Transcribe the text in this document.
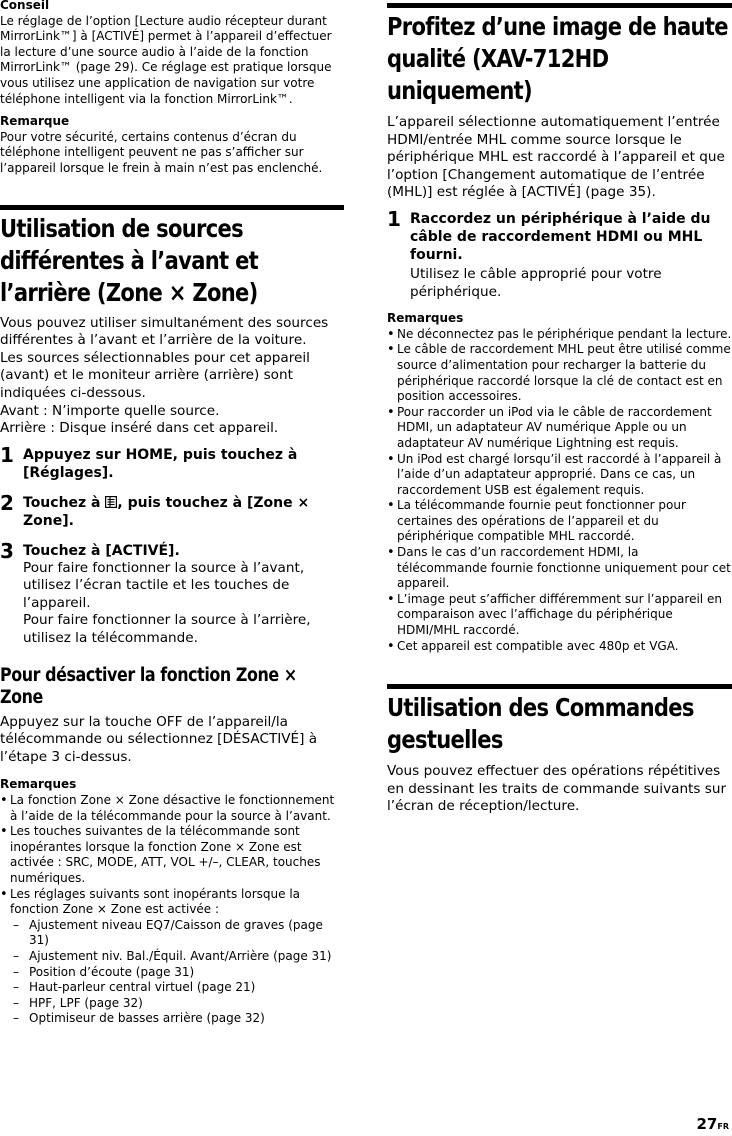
Conseil

Le réglage de l’option [Lecture audio récepteur durant MirrorLink™] à [ACTIVÉ] permet à l’appareil d’effectuer la lecture d’une source audio à l’aide de la fonction MirrorLink™ (page 29). Ce réglage est pratique lorsque vous utilisez une application de navigation sur votre téléphone intelligent via la fonction MirrorLink™.

Remarque

Pour votre sécurité, certains contenus d’écran du téléphone intelligent peuvent ne pas s’afficher sur l’appareil lorsque le frein à main n’est pas enclenché.

Utilisation de sources différentes à l’avant et l’arrière (Zone × Zone)

Vous pouvez utiliser simultanément des sources différentes à l’avant et l’arrière de la voiture.

Les sources sélectionnables pour cet appareil (avant) et le moniteur arrière (arrière) sont indiquées ci-dessous.

Avant : N’importe quelle source.

Arrière : Disque inséré dans cet appareil.

1 Appuyez sur HOME, puis touchez à [Réglages].

2 Touchez à , puis touchez à [Zone × Zone].

3 Touchez à [ACTIVÉ].

Pour faire fonctionner la source à l’avant, utilisez l’écran tactile et les touches de l’appareil.

Pour faire fonctionner la source à l’arrière, utilisez la télécommande.

Pour désactiver la fonction Zone × Zone

Appuyez sur la touche OFF de l’appareil/la télécommande ou sélectionnez [DÉSACTIVÉ] à l’étape 3 ci-dessus.

Remarques

• La fonction Zone × Zone désactive le fonctionnement à l’aide de la télécommande pour la source à l’avant.
• Les touches suivantes de la télécommande sont inopérantes lorsque la fonction Zone × Zone est activée : SRC, MODE, ATT, VOL +/–, CLEAR, touches numériques.
• Les réglages suivants sont inopérants lorsque la fonction Zone × Zone est activée :
– Ajustement niveau EQ7/Caisson de graves (page 31)
– Ajustement niv. Bal./Équil. Avant/Arrière (page 31)
– Position d’écoute (page 31)
– Haut-parleur central virtuel (page 21)
– HPF, LPF (page 32)
– Optimiseur de basses arrière (page 32)
Profitez d’une image de haute qualité (XAV-712HD uniquement)

L’appareil sélectionne automatiquement l’entrée HDMI/entrée MHL comme source lorsque le périphérique MHL est raccordé à l’appareil et que l’option [Changement automatique de l’entrée (MHL)] est réglée à [ACTIVÉ] (page 35).

1 Raccordez un périphérique à l’aide du câble de raccordement HDMI ou MHL fourni.

Utilisez le câble approprié pour votre périphérique.

Remarques

• Ne déconnectez pas le périphérique pendant la lecture.
• Le câble de raccordement MHL peut être utilisé comme source d’alimentation pour recharger la batterie du périphérique raccordé lorsque la clé de contact est en position accessoires.
• Pour raccorder un iPod via le câble de raccordement HDMI, un adaptateur AV numérique Apple ou un adaptateur AV numérique Lightning est requis.
• Un iPod est chargé lorsqu’il est raccordé à l’appareil à l’aide d’un adaptateur approprié. Dans ce cas, un raccordement USB est également requis.
• La télécommande fournie peut fonctionner pour certaines des opérations de l’appareil et du périphérique compatible MHL raccordé.
• Dans le cas d’un raccordement HDMI, la télécommande fournie fonctionne uniquement pour cet appareil.
• L’image peut s’afficher différemment sur l’appareil en comparaison avec l’affichage du périphérique HDMI/MHL raccordé.
• Cet appareil est compatible avec 480p et VGA.
Utilisation des Commandes gestuelles

Vous pouvez effectuer des opérations répétitives en dessinant les traits de commande suivants sur l’écran de réception/lecture.

27FR
